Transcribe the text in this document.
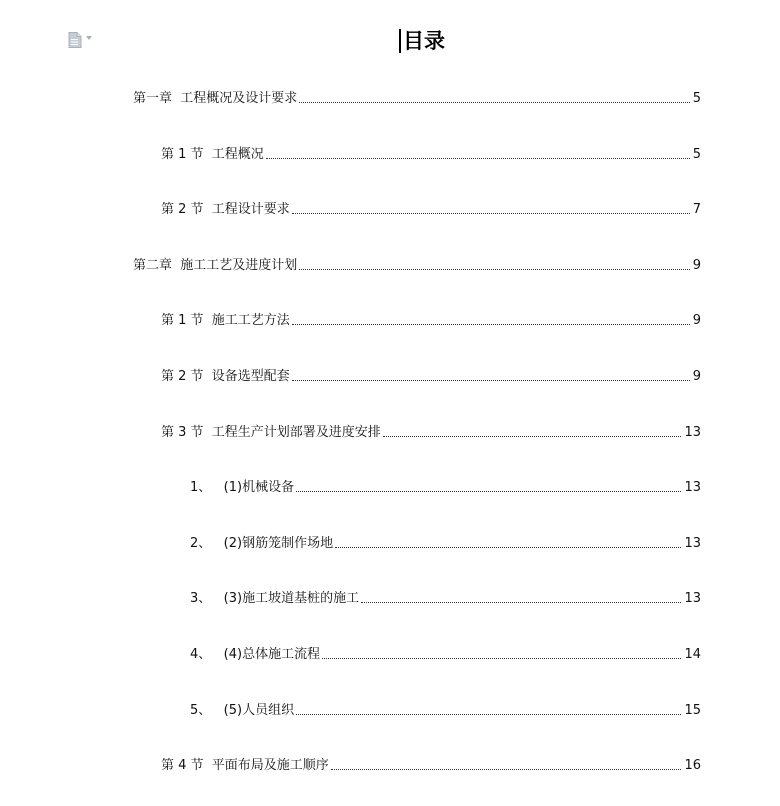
目录
第一章  工程概况及设计要求	5
第 1 节  工程概况	5
第 2 节  工程设计要求	7
第二章  施工工艺及进度计划	9
第 1 节  施工工艺方法	9
第 2 节  设备选型配套	9
第 3 节  工程生产计划部署及进度安排	13
1、   (1)机械设备	13
2、   (2)钢筋笼制作场地	13
3、   (3)施工坡道基桩的施工	13
4、   (4)总体施工流程	14
5、   (5)人员组织	15
第 4 节  平面布局及施工顺序	16
